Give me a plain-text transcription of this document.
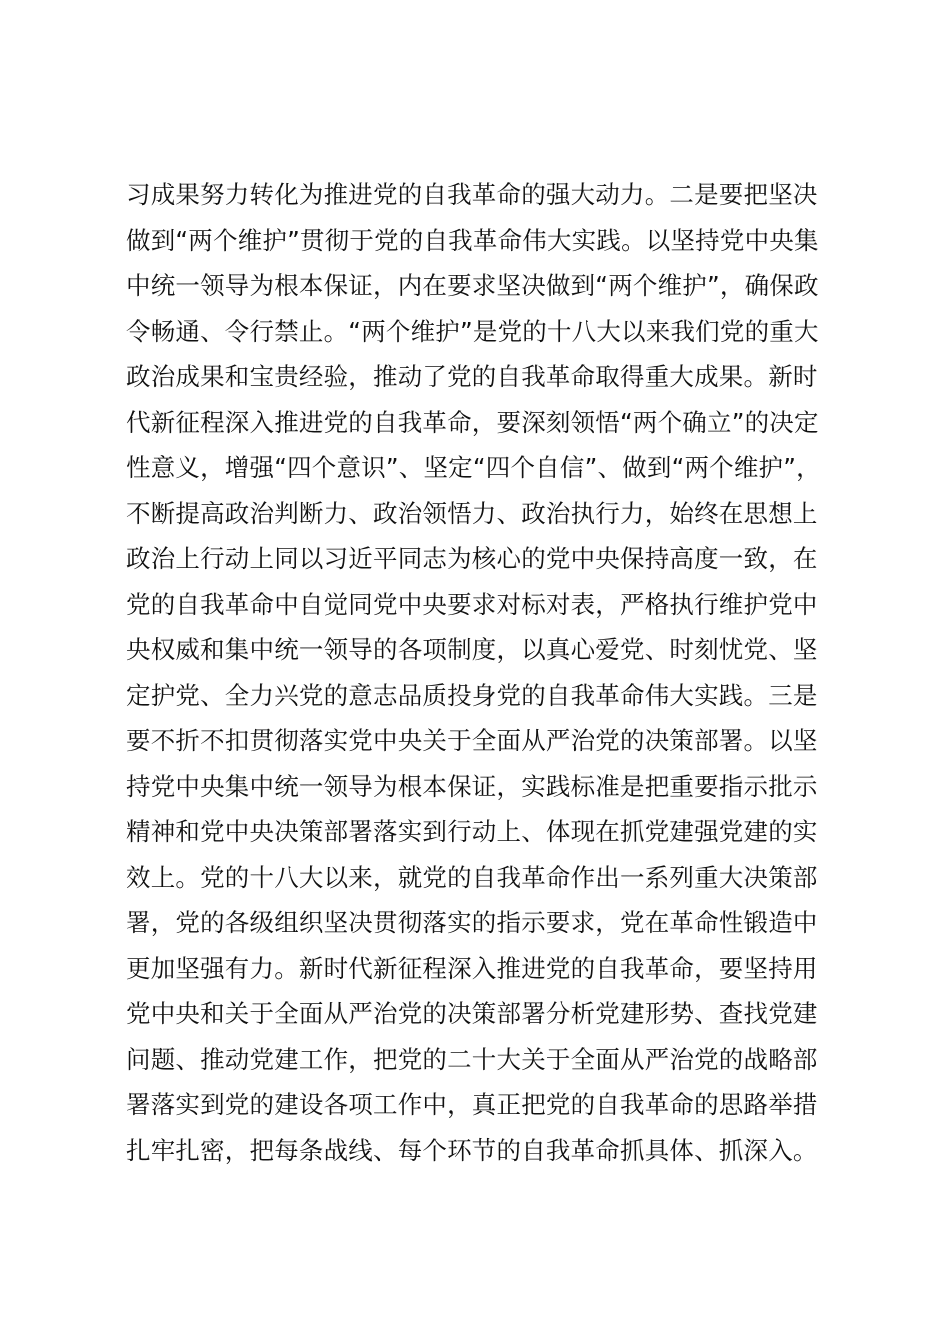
习成果努力转化为推进党的自我革命的强大动力。二是要把坚决
做到“两个维护”贯彻于党的自我革命伟大实践。以坚持党中央集
中统一领导为根本保证，内在要求坚决做到“两个维护”，确保政
令畅通、令行禁止。“两个维护”是党的十八大以来我们党的重大
政治成果和宝贵经验，推动了党的自我革命取得重大成果。新时
代新征程深入推进党的自我革命，要深刻领悟“两个确立”的决定
性意义，增强“四个意识”、坚定“四个自信”、做到“两个维护”，
不断提高政治判断力、政治领悟力、政治执行力，始终在思想上
政治上行动上同以习近平同志为核心的党中央保持高度一致，在
党的自我革命中自觉同党中央要求对标对表，严格执行维护党中
央权威和集中统一领导的各项制度，以真心爱党、时刻忧党、坚
定护党、全力兴党的意志品质投身党的自我革命伟大实践。三是
要不折不扣贯彻落实党中央关于全面从严治党的决策部署。以坚
持党中央集中统一领导为根本保证，实践标准是把重要指示批示
精神和党中央决策部署落实到行动上、体现在抓党建强党建的实
效上。党的十八大以来，就党的自我革命作出一系列重大决策部
署，党的各级组织坚决贯彻落实的指示要求，党在革命性锻造中
更加坚强有力。新时代新征程深入推进党的自我革命，要坚持用
党中央和关于全面从严治党的决策部署分析党建形势、查找党建
问题、推动党建工作，把党的二十大关于全面从严治党的战略部
署落实到党的建设各项工作中，真正把党的自我革命的思路举措
扎牢扎密，把每条战线、每个环节的自我革命抓具体、抓深入。
